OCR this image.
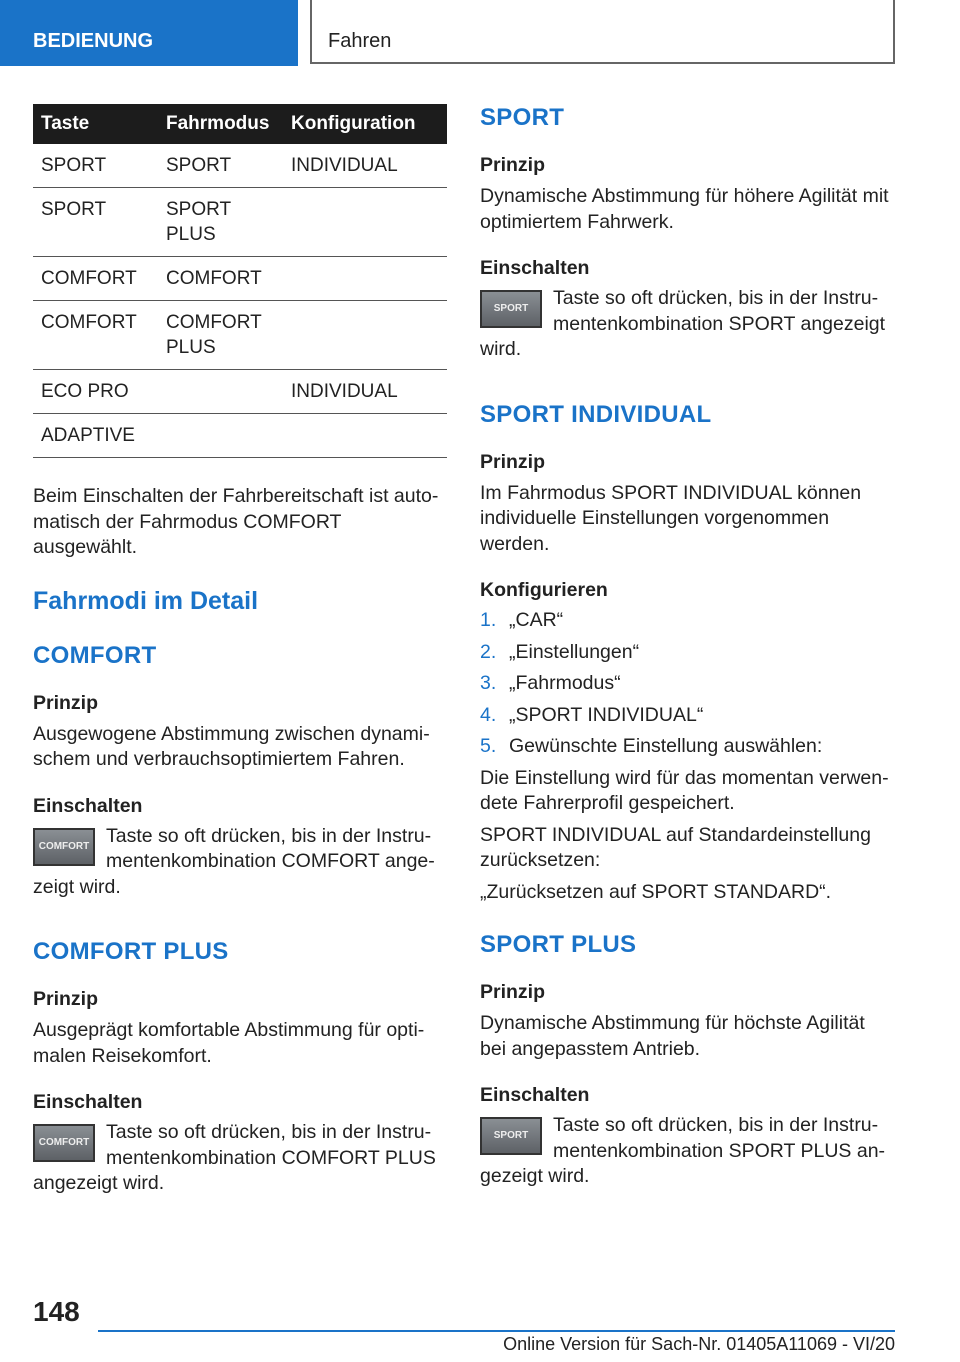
BEDIENUNG	Fahren
Taste	Fahrmodus	Konfiguration
SPORT	SPORT	INDIVIDUAL
SPORT	SPORT PLUS	
COMFORT	COMFORT	
COMFORT	COMFORT PLUS	
ECO PRO		INDIVIDUAL
ADAPTIVE		

Beim Einschalten der Fahrbereitschaft ist automatisch der Fahrmodus COMFORT ausgewählt.

Fahrmodi im Detail
COMFORT
Prinzip

Ausgewogene Abstimmung zwischen dynamischem und verbrauchsoptimiertem Fahren.

Einschalten
COMFORT Taste so oft drücken, bis in der Instrumentenkombination COMFORT angezeigt wird.

COMFORT PLUS
Prinzip

Ausgeprägt komfortable Abstimmung für optimalen Reisekomfort.

Einschalten
COMFORT Taste so oft drücken, bis in der Instrumentenkombination COMFORT PLUS angezeigt wird.

SPORT
Prinzip

Dynamische Abstimmung für höhere Agilität mit optimiertem Fahrwerk.

Einschalten
SPORT	Taste so oft drücken, bis in der Instrumentenkombination SPORT angezeigt wird.

SPORT INDIVIDUAL
Prinzip

Im Fahrmodus SPORT INDIVIDUAL können individuelle Einstellungen vorgenommen werden.

Konfigurieren
1. „CAR“
2. „Einstellungen“
3. „Fahrmodus“
4. „SPORT INDIVIDUAL“
5. Gewünschte Einstellung auswählen:

Die Einstellung wird für das momentan verwendete Fahrerprofil gespeichert.

SPORT INDIVIDUAL auf Standardeinstellung zurücksetzen:

„Zurücksetzen auf SPORT STANDARD“.

SPORT PLUS
Prinzip

Dynamische Abstimmung für höchste Agilität bei angepasstem Antrieb.

Einschalten
SPORT	Taste so oft drücken, bis in der Instrumentenkombination SPORT PLUS angezeigt wird.

148
Online Version für Sach-Nr. 01405A11069 - VI/20
